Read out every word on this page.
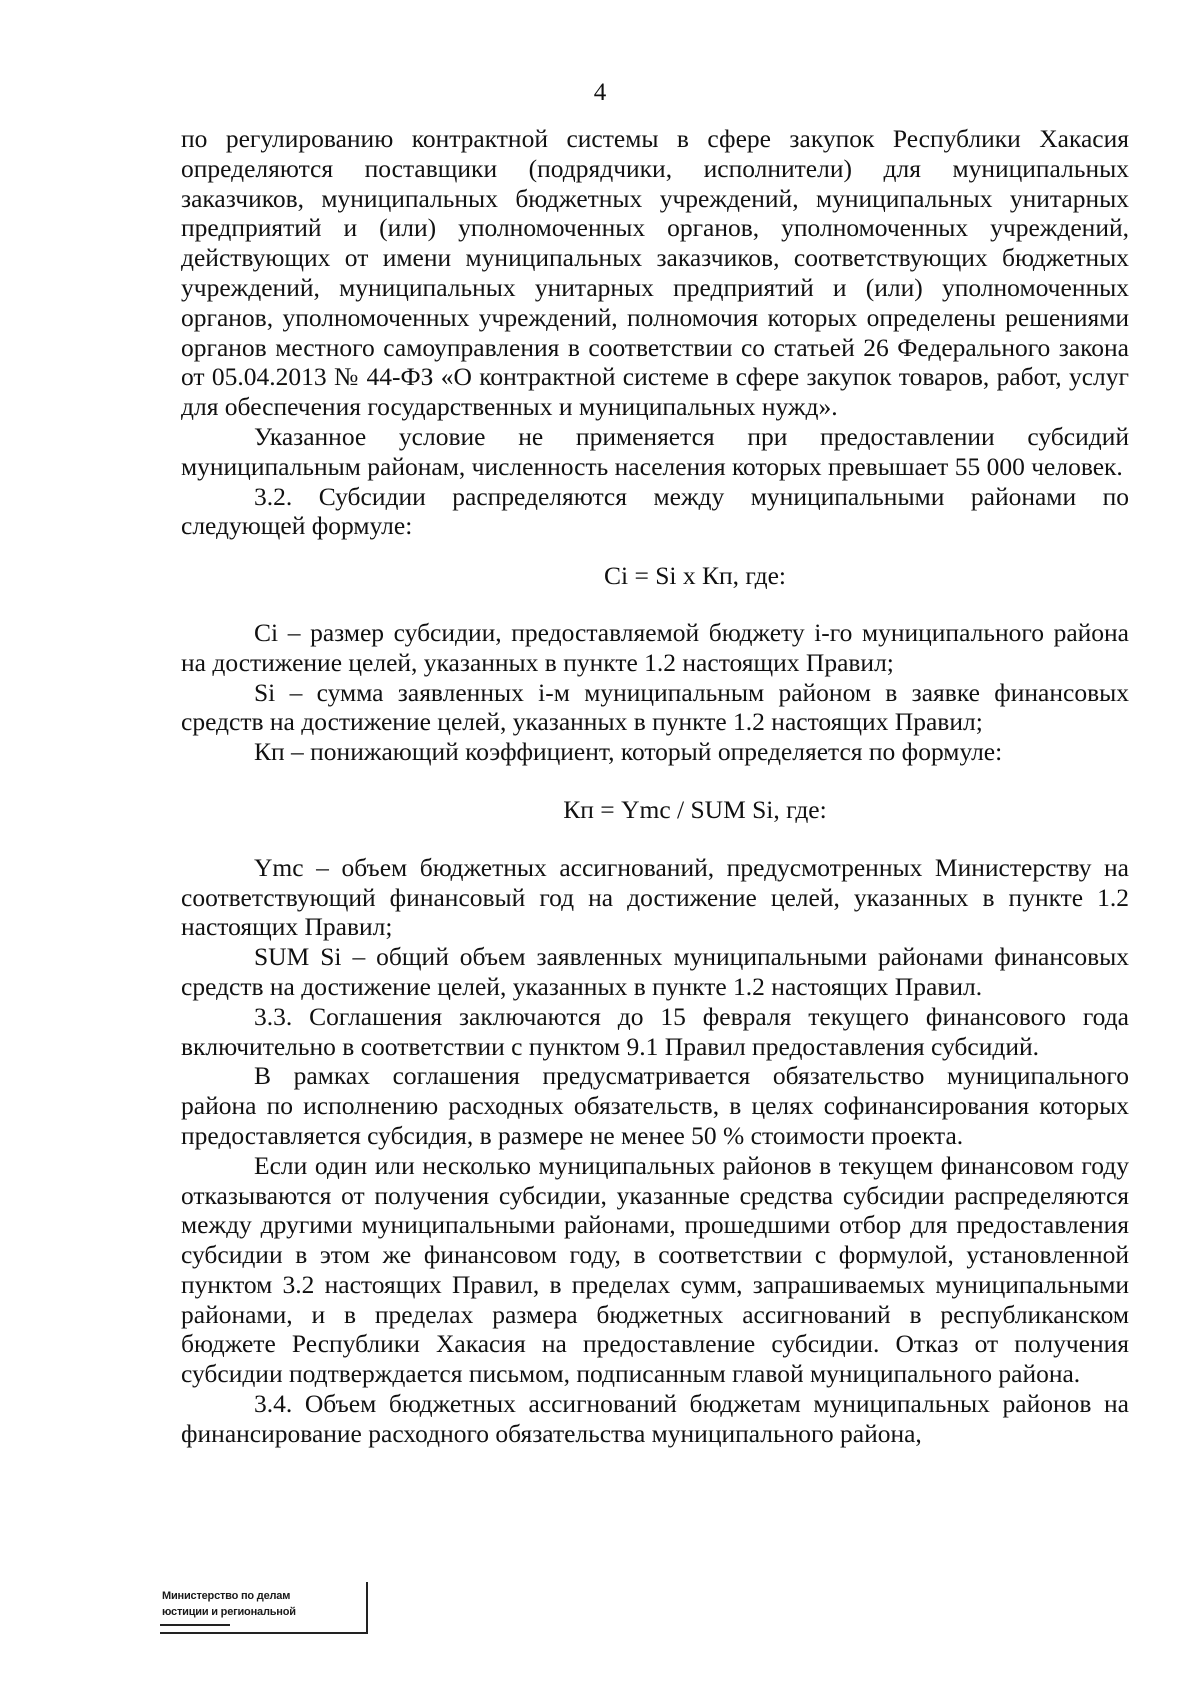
4

по регулированию контрактной системы в сфере закупок Республики Хакасия определяются поставщики (подрядчики, исполнители) для муниципальных заказчиков, муниципальных бюджетных учреждений, муниципальных унитарных предприятий и (или) уполномоченных органов, уполномоченных учреждений, действующих от имени муниципальных заказчиков, соответствующих бюджетных учреждений, муниципальных унитарных предприятий и (или) уполномоченных органов, уполномоченных учреждений, полномочия которых определены решениями органов местного самоуправления в соответствии со статьей 26 Федерального закона от 05.04.2013 № 44-ФЗ «О контрактной системе в сфере закупок товаров, работ, услуг для обеспечения государственных и муниципальных нужд».

Указанное условие не применяется при предоставлении субсидий муниципальным районам, численность населения которых превышает 55 000 человек.

3.2. Субсидии распределяются между муниципальными районами по следующей формуле:

Ci = Si x Кп, где:

Ci – размер субсидии, предоставляемой бюджету i-го муниципального района на достижение целей, указанных в пункте 1.2 настоящих Правил;

Si – сумма заявленных i-м муниципальным районом в заявке финансовых средств на достижение целей, указанных в пункте 1.2 настоящих Правил;

Кп – понижающий коэффициент, который определяется по формуле:

Кп = Ymc / SUM Si, где:

Ymc – объем бюджетных ассигнований, предусмотренных Министерству на соответствующий финансовый год на достижение целей, указанных в пункте 1.2 настоящих Правил;

SUM Si – общий объем заявленных муниципальными районами финансовых средств на достижение целей, указанных в пункте 1.2 настоящих Правил.

3.3. Соглашения заключаются до 15 февраля текущего финансового года включительно в соответствии с пунктом 9.1 Правил предоставления субсидий.

В рамках соглашения предусматривается обязательство муниципального района по исполнению расходных обязательств, в целях софинансирования которых предоставляется субсидия, в размере не менее 50 % стоимости проекта.

Если один или несколько муниципальных районов в текущем финансовом году отказываются от получения субсидии, указанные средства субсидии распределяются между другими муниципальными районами, прошедшими отбор для предоставления субсидии в этом же финансовом году, в соответствии с формулой, установленной пунктом 3.2 настоящих Правил, в пределах сумм, запрашиваемых муниципальными районами, и в пределах размера бюджетных ассигнований в республиканском бюджете Республики Хакасия на предоставление субсидии. Отказ от получения субсидии подтверждается письмом, подписанным главой муниципального района.

3.4. Объем бюджетных ассигнований бюджетам муниципальных районов на финансирование расходного обязательства муниципального района,

Министерство по делам
юстиции и региональной
